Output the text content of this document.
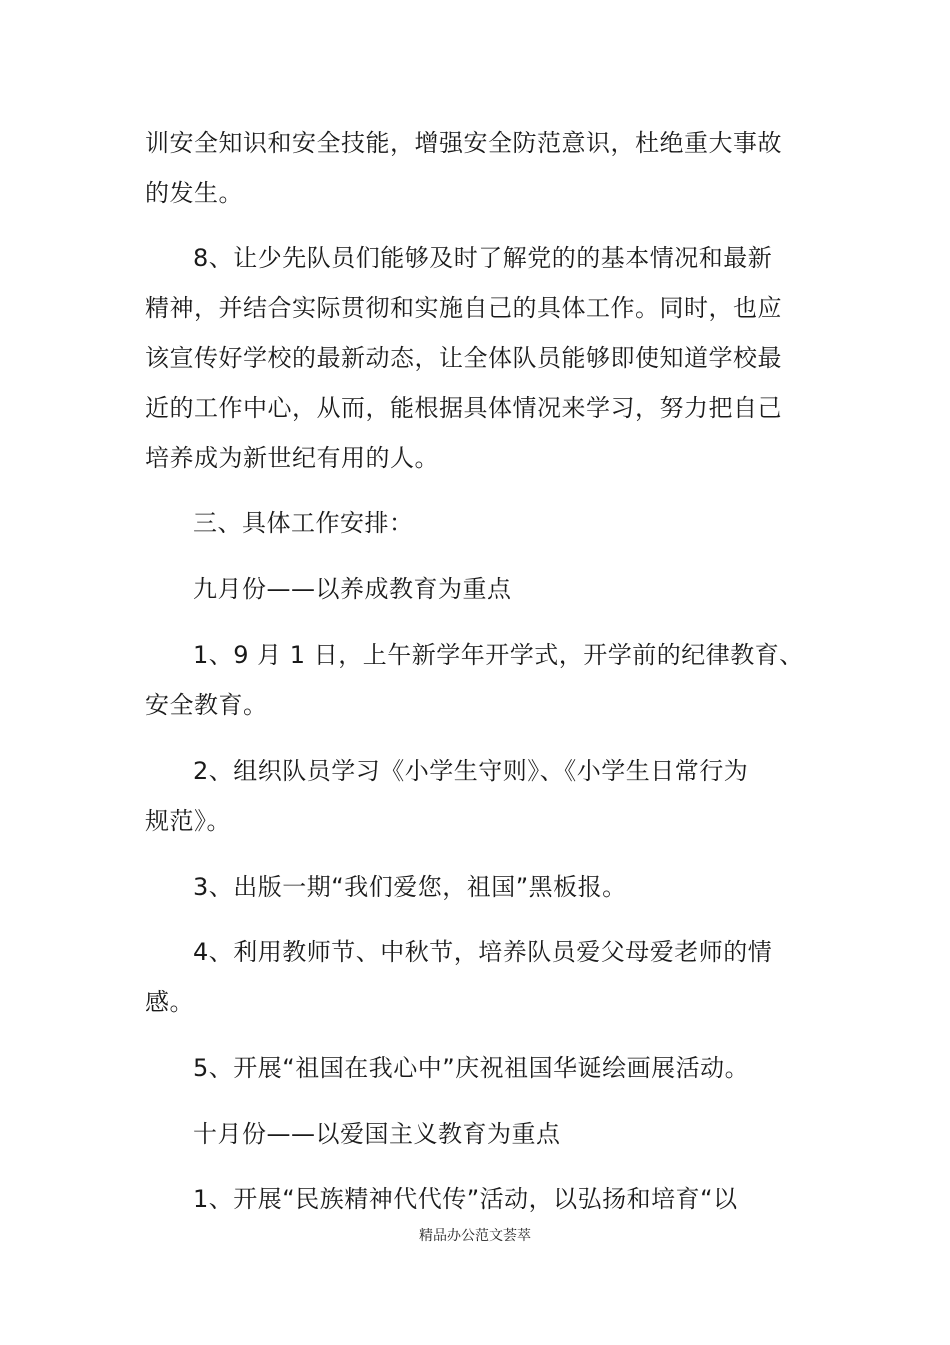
训安全知识和安全技能，增强安全防范意识，杜绝重大事故
的发生。
8、让少先队员们能够及时了解党的的基本情况和最新
精神，并结合实际贯彻和实施自己的具体工作。同时，也应
该宣传好学校的最新动态，让全体队员能够即使知道学校最
近的工作中心，从而，能根据具体情况来学习，努力把自己
培养成为新世纪有用的人。
三、具体工作安排：
九月份——以养成教育为重点
1、9 月 1 日，上午新学年开学式，开学前的纪律教育、
安全教育。
2、组织队员学习《小学生守则》、《小学生日常行为
规范》。
3、出版一期“我们爱您，祖国”黑板报。
4、利用教师节、中秋节，培养队员爱父母爱老师的情
感。
5、开展“祖国在我心中”庆祝祖国华诞绘画展活动。
十月份——以爱国主义教育为重点
1、开展“民族精神代代传”活动，以弘扬和培育“以
精品办公范文荟萃
